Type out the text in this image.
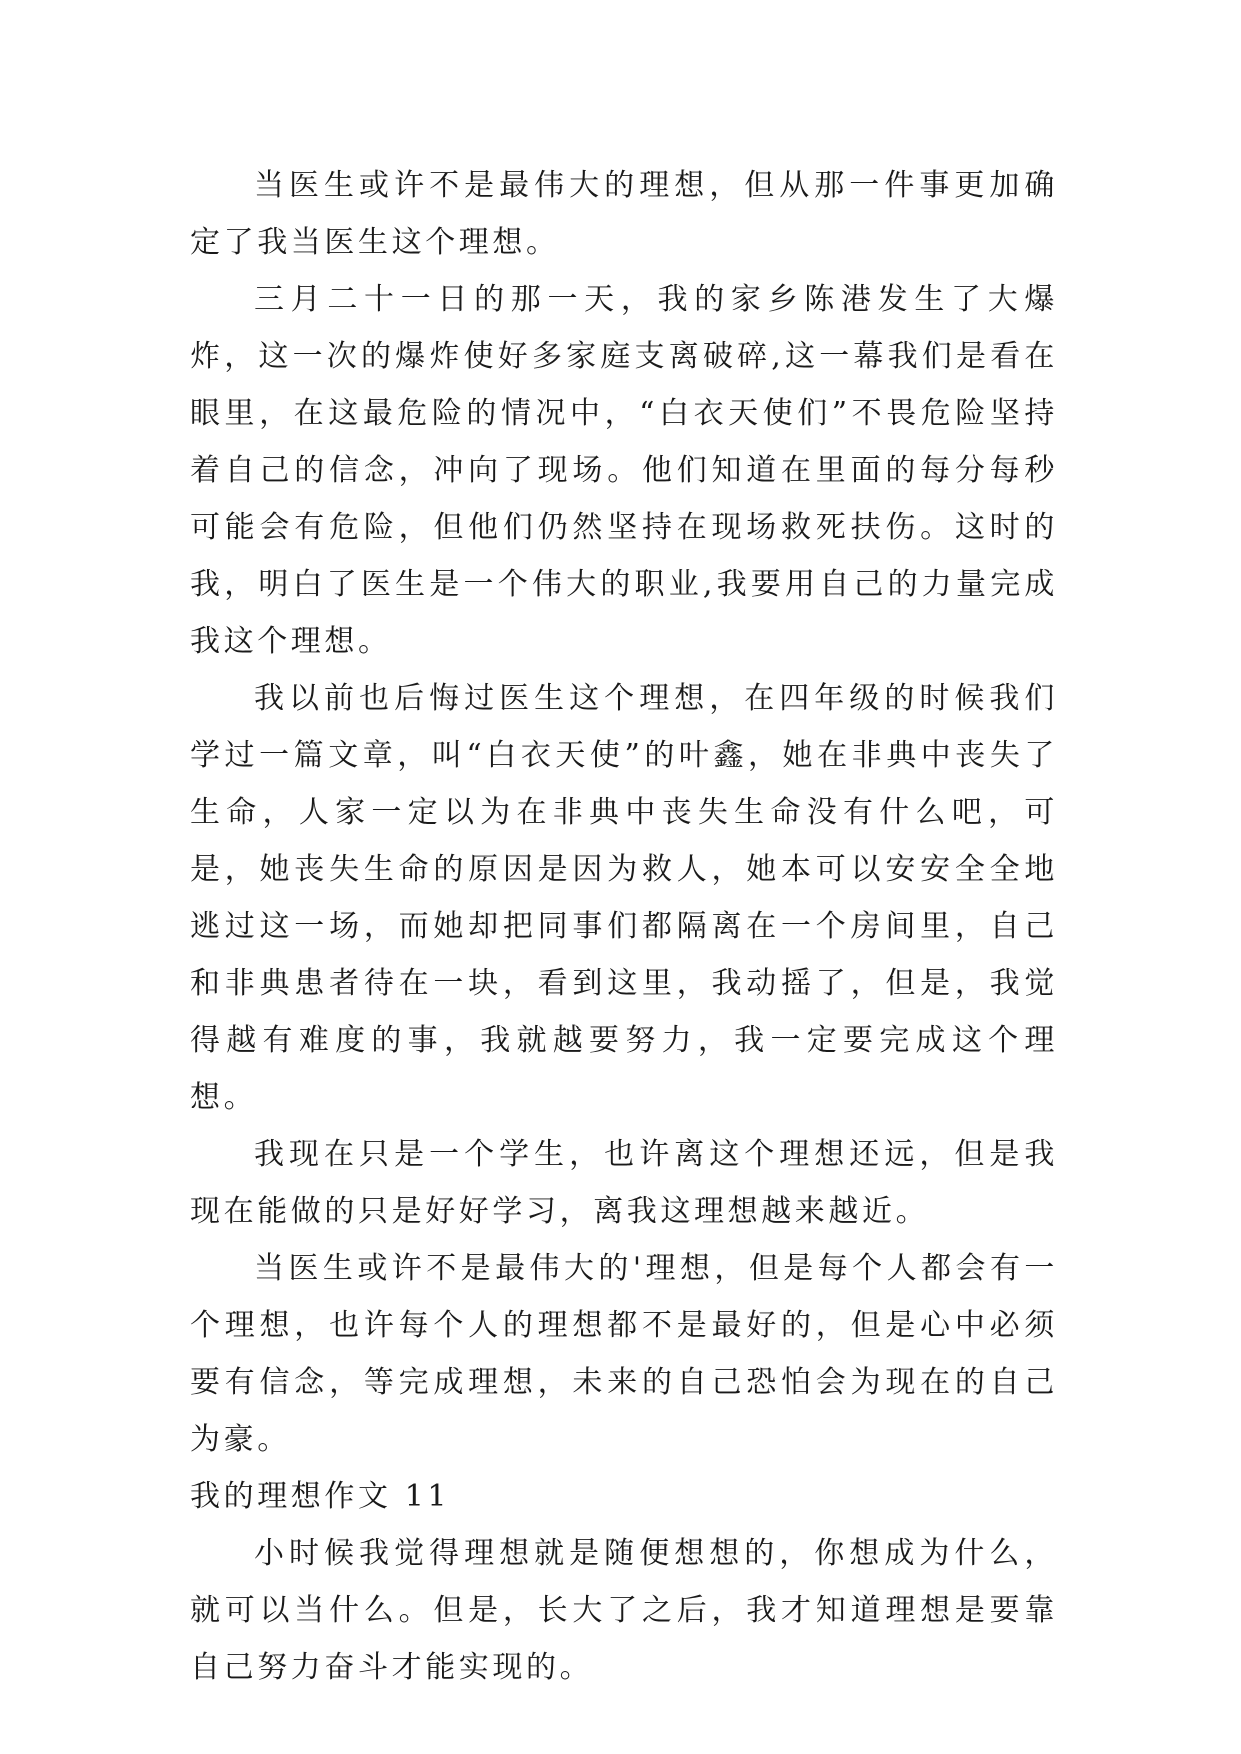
当医生或许不是最伟大的理想，但从那一件事更加确定了我当医生这个理想。

三月二十一日的那一天，我的家乡陈港发生了大爆炸，这一次的爆炸使好多家庭支离破碎,这一幕我们是看在眼里，在这最危险的情况中，“白衣天使们”不畏危险坚持着自己的信念，冲向了现场。他们知道在里面的每分每秒可能会有危险，但他们仍然坚持在现场救死扶伤。这时的我，明白了医生是一个伟大的职业,我要用自己的力量完成我这个理想。

我以前也后悔过医生这个理想，在四年级的时候我们学过一篇文章，叫“白衣天使”的叶鑫，她在非典中丧失了生命，人家一定以为在非典中丧失生命没有什么吧，可是，她丧失生命的原因是因为救人，她本可以安安全全地逃过这一场，而她却把同事们都隔离在一个房间里，自己和非典患者待在一块，看到这里，我动摇了，但是，我觉得越有难度的事，我就越要努力，我一定要完成这个理想。

我现在只是一个学生，也许离这个理想还远，但是我现在能做的只是好好学习，离我这理想越来越近。

当医生或许不是最伟大的'理想，但是每个人都会有一个理想，也许每个人的理想都不是最好的，但是心中必须要有信念，等完成理想，未来的自己恐怕会为现在的自己为豪。

我的理想作文 11

小时候我觉得理想就是随便想想的，你想成为什么，就可以当什么。但是，长大了之后，我才知道理想是要靠自己努力奋斗才能实现的。
